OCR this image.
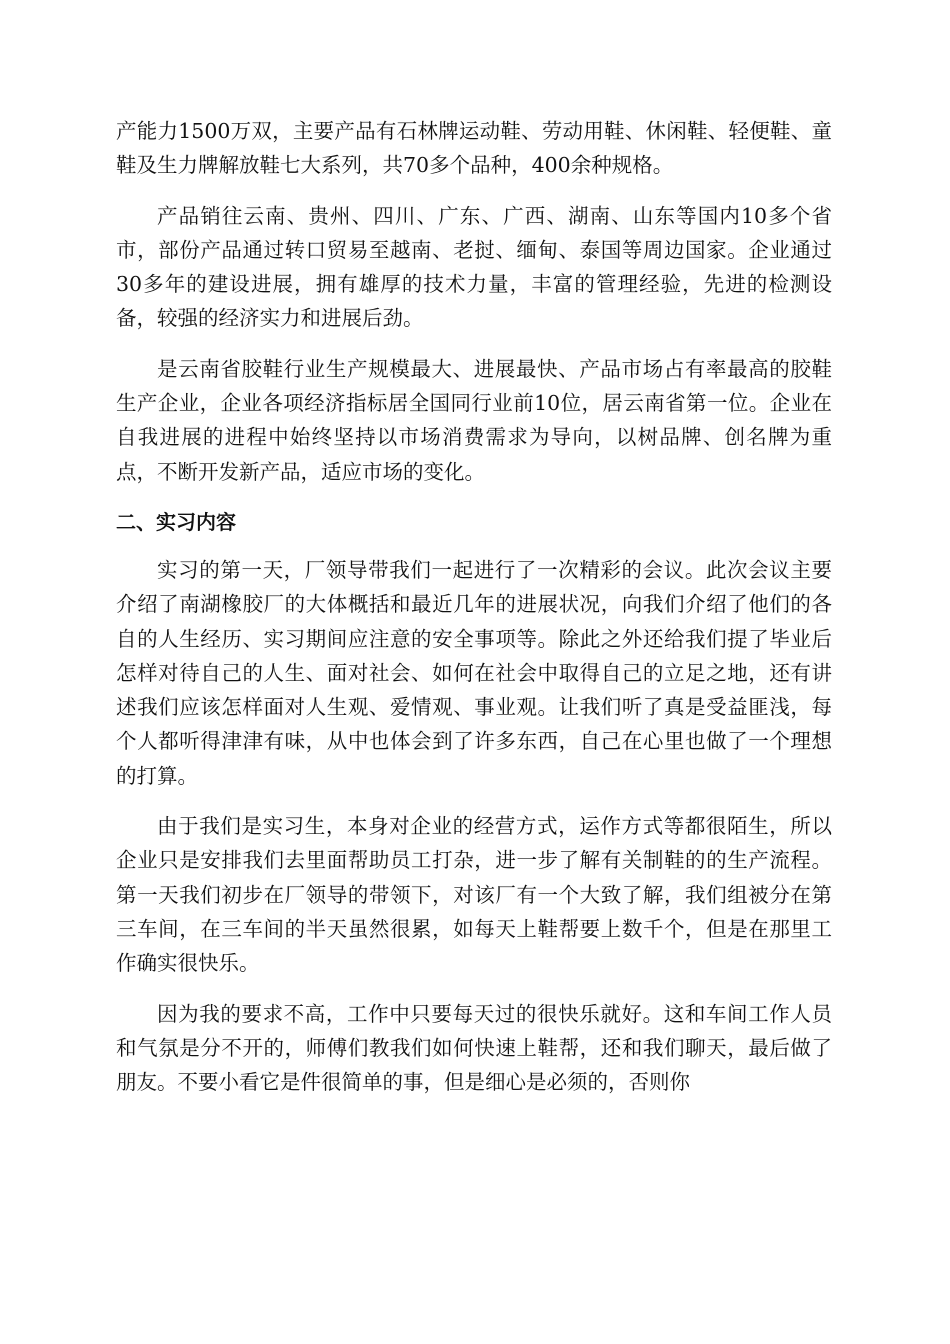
产能力1500万双，主要产品有石林牌运动鞋、劳动用鞋、休闲鞋、轻便鞋、童鞋及生力牌解放鞋七大系列，共70多个品种，400余种规格。

产品销往云南、贵州、四川、广东、广西、湖南、山东等国内10多个省市，部份产品通过转口贸易至越南、老挝、缅甸、泰国等周边国家。企业通过30多年的建设进展，拥有雄厚的技术力量，丰富的管理经验，先进的检测设备，较强的经济实力和进展后劲。

是云南省胶鞋行业生产规模最大、进展最快、产品市场占有率最高的胶鞋生产企业，企业各项经济指标居全国同行业前10位，居云南省第一位。企业在自我进展的进程中始终坚持以市场消费需求为导向，以树品牌、创名牌为重点，不断开发新产品，适应市场的变化。

二、实习内容

实习的第一天，厂领导带我们一起进行了一次精彩的会议。此次会议主要介绍了南湖橡胶厂的大体概括和最近几年的进展状况，向我们介绍了他们的各自的人生经历、实习期间应注意的安全事项等。除此之外还给我们提了毕业后怎样对待自己的人生、面对社会、如何在社会中取得自己的立足之地，还有讲述我们应该怎样面对人生观、爱情观、事业观。让我们听了真是受益匪浅，每个人都听得津津有味，从中也体会到了许多东西，自己在心里也做了一个理想的打算。

由于我们是实习生，本身对企业的经营方式，运作方式等都很陌生，所以企业只是安排我们去里面帮助员工打杂，进一步了解有关制鞋的的生产流程。第一天我们初步在厂领导的带领下，对该厂有一个大致了解，我们组被分在第三车间，在三车间的半天虽然很累，如每天上鞋帮要上数千个，但是在那里工作确实很快乐。

因为我的要求不高，工作中只要每天过的很快乐就好。这和车间工作人员和气氛是分不开的，师傅们教我们如何快速上鞋帮，还和我们聊天，最后做了朋友。不要小看它是件很简单的事，但是细心是必须的，否则你
